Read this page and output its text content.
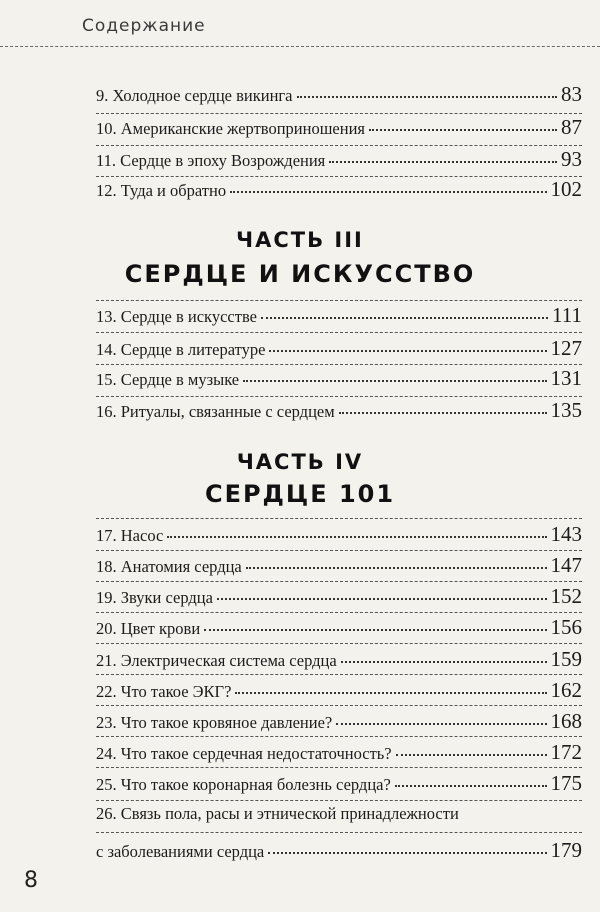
Содержание
9. Холодное сердце викинга	83
10. Американские жертвоприношения	87
11. Сердце в эпоху Возрождения	93
12. Туда и обратно	102
ЧАСТЬ III
СЕРДЦЕ И ИСКУССТВО
13. Сердце в искусстве	111
14. Сердце в литературе	127
15. Сердце в музыке	131
16. Ритуалы, связанные с сердцем	135
ЧАСТЬ IV
СЕРДЦЕ 101
17. Насос	143
18. Анатомия сердца	147
19. Звуки сердца	152
20. Цвет крови	156
21. Электрическая система сердца	159
22. Что такое ЭКГ?	162
23. Что такое кровяное давление?	168
24. Что такое сердечная недостаточность?	172
25. Что такое коронарная болезнь сердца?	175
26. Связь пола, расы и этнической принадлежности
с заболеваниями сердца	179
8
